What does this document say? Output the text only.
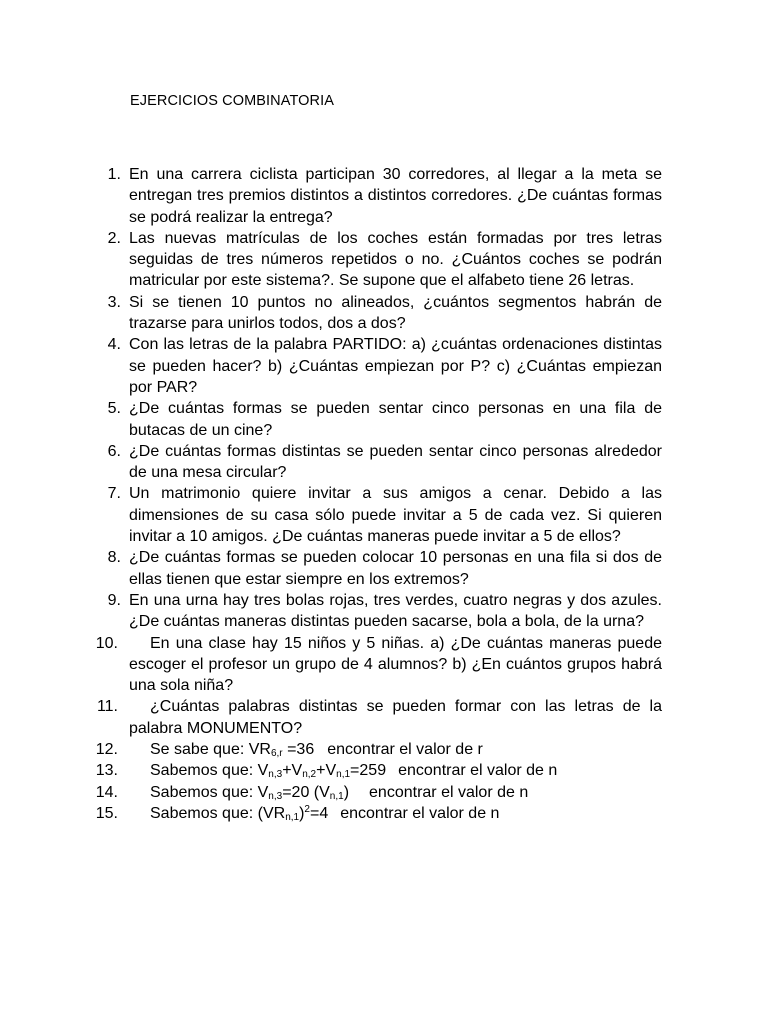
EJERCICIOS COMBINATORIA
1. En una carrera ciclista participan 30 corredores, al llegar a la meta se entregan tres premios distintos a distintos corredores. ¿De cuántas formas se podrá realizar la entrega?
2. Las nuevas matrículas de los coches están formadas por tres letras seguidas de tres números repetidos o no. ¿Cuántos coches se podrán matricular por este sistema?. Se supone que el alfabeto tiene 26 letras.
3. Si se tienen 10 puntos no alineados, ¿cuántos segmentos habrán de trazarse para unirlos todos, dos a dos?
4. Con las letras de la palabra PARTIDO: a) ¿cuántas ordenaciones distintas se pueden hacer? b) ¿Cuántas empiezan por P? c) ¿Cuántas empiezan por PAR?
5. ¿De cuántas formas se pueden sentar cinco personas en una fila de butacas de un cine?
6. ¿De cuántas formas distintas se pueden sentar cinco personas alrededor de una mesa circular?
7. Un matrimonio quiere invitar a sus amigos a cenar. Debido a las dimensiones de su casa sólo puede invitar a 5 de cada vez. Si quieren invitar a 10 amigos. ¿De cuántas maneras puede invitar a 5 de ellos?
8. ¿De cuántas formas se pueden colocar 10 personas en una fila si dos de ellas tienen que estar siempre en los extremos?
9. En una urna hay tres bolas rojas, tres verdes, cuatro negras y dos azules. ¿De cuántas maneras distintas pueden sacarse, bola a bola, de la urna?
10.	En una clase hay 15 niños y 5 niñas. a) ¿De cuántas maneras puede escoger el profesor un grupo de 4 alumnos? b) ¿En cuántos grupos habrá una sola niña?
11.	¿Cuántas palabras distintas se pueden formar con las letras de la palabra MONUMENTO?
12.	Se sabe que: $VR_{6,r} =36$ encontrar el valor de r
13.	Sabemos que: $V_{n,3}+V_{n,2}+V_{n,1}=259$ encontrar el valor de n
14.	Sabemos que: $V_{n,3}=20$ $(V_{n,1})$ encontrar el valor de n
15.	Sabemos que: $(VR_{n,1})^2=4$ encontrar el valor de n
